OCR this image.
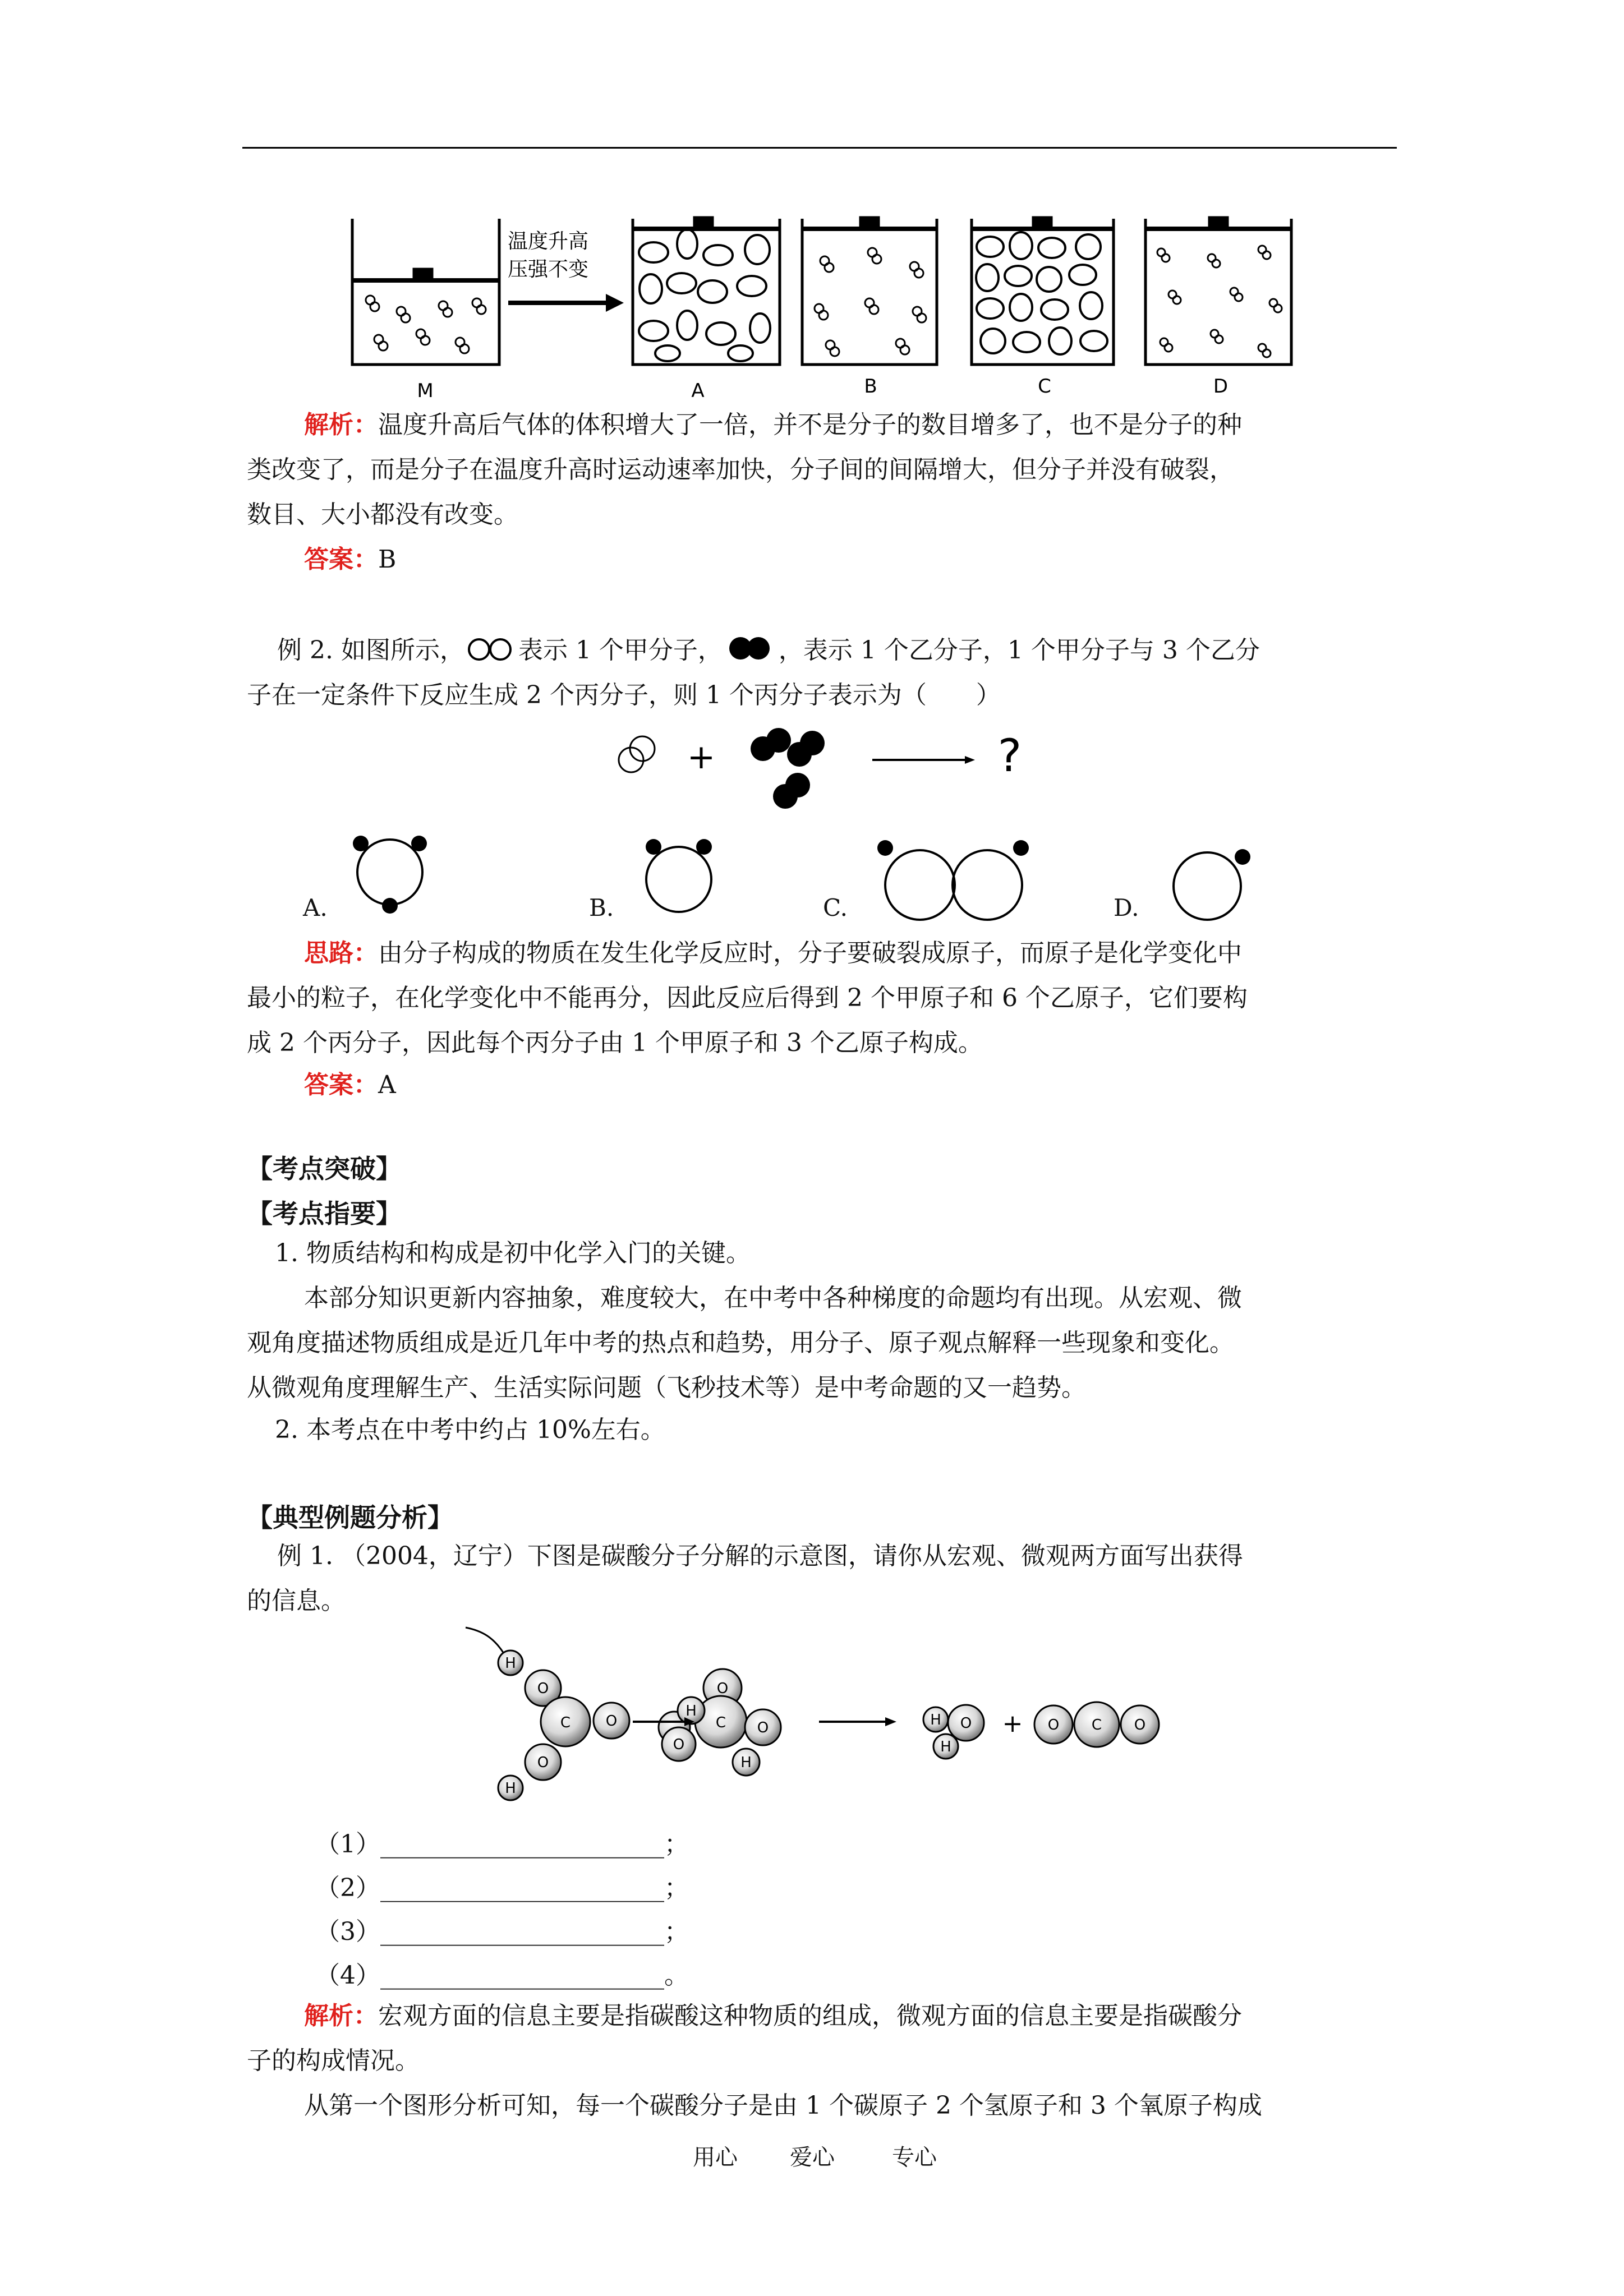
温度升高
压强不变
M	A	B	C	D

解析：温度升高后气体的体积增大了一倍，并不是分子的数目增多了，也不是分子的种

类改变了，而是分子在温度升高时运动速率加快，分子间的间隔增大，但分子并没有破裂，

数目、大小都没有改变。

答案：B

例 2. 如图所示， 表示 1 个甲分子， ，表示 1 个乙分子，1 个甲分子与 3 个乙分

子在一定条件下反应生成 2 个丙分子，则 1 个丙分子表示为（　　）

+	?
A.	B.	C.	D.

思路：由分子构成的物质在发生化学反应时，分子要破裂成原子，而原子是化学变化中

最小的粒子，在化学变化中不能再分，因此反应后得到 2 个甲原子和 6 个乙原子，它们要构

成 2 个丙分子，因此每个丙分子由 1 个甲原子和 3 个乙原子构成。

答案：A

【考点突破】

【考点指要】

1. 物质结构和构成是初中化学入门的关键。

本部分知识更新内容抽象，难度较大，在中考中各种梯度的命题均有出现。从宏观、微

观角度描述物质组成是近几年中考的热点和趋势，用分子、原子观点解释一些现象和变化。

从微观角度理解生产、生活实际问题（飞秒技术等）是中考命题的又一趋势。

2. 本考点在中考中约占 10%左右。

【典型例题分析】

例 1. （2004，辽宁）下图是碳酸分子分解的示意图，请你从宏观、微观两方面写出获得

的信息。

H
O
C O
O
H
O
C O
H
O
H
H O
H
O C O
+

（1）_______________________；

（2）_______________________；

（3）_______________________；

（4）_______________________。

解析：宏观方面的信息主要是指碳酸这种物质的组成，微观方面的信息主要是指碳酸分

子的构成情况。

从第一个图形分析可知，每一个碳酸分子是由 1 个碳原子 2 个氢原子和 3 个氧原子构成

用心 爱心	专心
